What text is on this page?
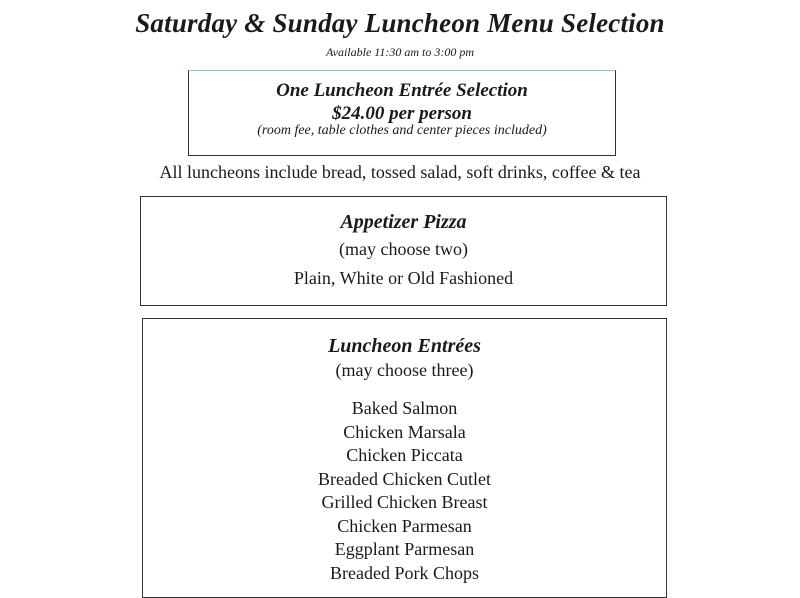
Saturday & Sunday Luncheon Menu Selection
Available 11:30 am to 3:00 pm
One Luncheon Entrée Selection
$24.00 per person
(room fee, table clothes and center pieces included)
All luncheons include bread, tossed salad, soft drinks, coffee & tea
Appetizer Pizza
(may choose two)
Plain, White or Old Fashioned
Luncheon Entrées
(may choose three)
Baked Salmon
Chicken Marsala
Chicken Piccata
Breaded Chicken Cutlet
Grilled Chicken Breast
Chicken Parmesan
Eggplant Parmesan
Breaded Pork Chops
